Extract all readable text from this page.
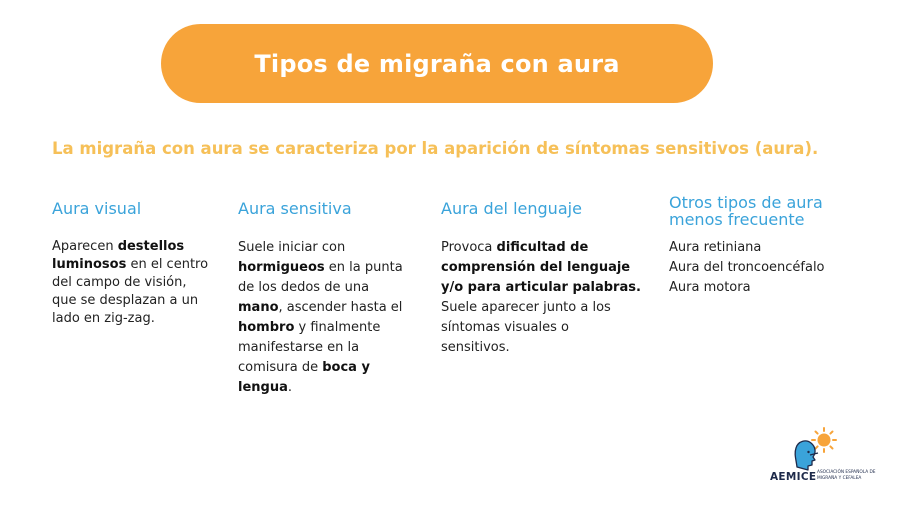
Tipos de migraña con aura
La migraña con aura se caracteriza por la aparición de síntomas sensitivos (aura).
Aura visual
Aparecen destellos luminosos en el centro del campo de visión, que se desplazan a un lado en zig-zag.
Aura sensitiva
Suele iniciar con hormigueos en la punta de los dedos de una mano, ascender hasta el hombro y finalmente manifestarse en la comisura de boca y lengua.
Aura del lenguaje
Provoca dificultad de comprensión del lenguaje y/o para articular palabras. Suele aparecer junto a los síntomas visuales o sensitivos.
Otros tipos de aura menos frecuente
Aura retiniana
Aura del troncoencéfalo
Aura motora
AEMICE ASOCIACIÓN ESPAÑOLA DE MIGRAÑA Y CEFALEA
